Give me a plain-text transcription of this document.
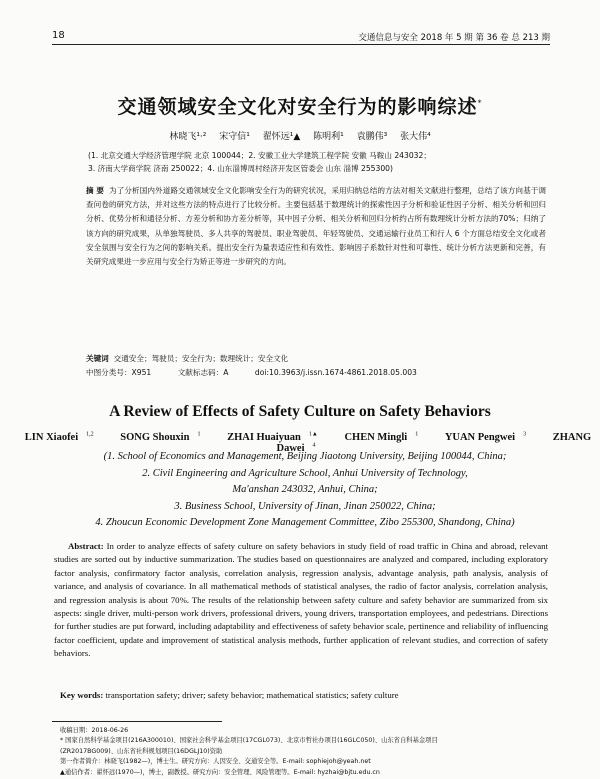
18	交通信息与安全 2018 年 5 期 第 36 卷 总 213 期
交通领域安全文化对安全行为的影响综述*
林晓飞¹·² 宋守信¹ 翟怀远¹▲ 陈明利¹ 袁鹏伟³ 张大伟⁴
(1. 北京交通大学经济管理学院 北京 100044；2. 安徽工业大学建筑工程学院 安徽 马鞍山 243032；
3. 济南大学商学院 济南 250022；4. 山东淄博周村经济开发区管委会 山东 淄博 255300)
摘 要 为了分析国内外道路交通领域安全文化影响安全行为的研究状况，采用归纳总结的方法对相关文献进行整理，总结了该方向基于调查问卷的研究方法，并对这些方法的特点进行了比较分析。主要包括基于数理统计的探索性因子分析和验证性因子分析、相关分析和回归分析、优势分析和通径分析、方差分析和协方差分析等，其中因子分析、相关分析和回归分析约占所有数理统计分析方法的70%；归纳了该方向的研究成果，从单独驾驶员、多人共享的驾驶员、职业驾驶员、年轻驾驶员、交通运输行业员工和行人 6 个方面总结安全文化或者安全氛围与安全行为之间的影响关系。提出安全行为量表适应性和有效性、影响因子系数针对性和可靠性、统计分析方法更新和完善，有关研究成果进一步应用与安全行为矫正等进一步研究的方向。
关键词 交通安全；驾驶员；安全行为；数理统计；安全文化
中图分类号：X951	文献标志码：A	doi:10.3963/j.issn.1674-4861.2018.05.003
A Review of Effects of Safety Culture on Safety Behaviors
LIN Xiaofei $^{1,2}$	SONG Shouxin $^1$	ZHAI Huaiyuan $^{1▲}$	CHEN Mingli $^1$	YUAN Pengwei $^3$	ZHANG Dawei $^4$
(1. School of Economics and Management, Beijing Jiaotong University, Beijing 100044, China;
2. Civil Engineering and Agriculture School, Anhui University of Technology,
Ma'anshan 243032, Anhui, China;
3. Business School, University of Jinan, Jinan 250022, China;
4. Zhoucun Economic Development Zone Management Committee, Zibo 255300, Shandong, China)
Abstract: In order to analyze effects of safety culture on safety behaviors in study field of road traffic in China and abroad, relevant studies are sorted out by inductive summarization. The studies based on questionnaires are analyzed and compared, including exploratory factor analysis, confirmatory factor analysis, correlation analysis, regression analysis, advantage analysis, path analysis, analysis of variance, and analysis of covariance. In all mathematical methods of statistical analyses, the radio of factor analysis, correlation analysis, and regression analysis is about 70%. The results of the relationship between safety culture and safety behavior are summarized from six aspects: single driver, multi-person work drivers, professional drivers, young drivers, transportation employees, and pedestrians. Directions for further studies are put forward, including adaptability and effectiveness of safety behavior scale, pertinence and reliability of influencing factor coefficient, update and improvement of statistical analysis methods, further application of relevant studies, and correction of safety behaviors.
Key words: transportation safety; driver; safety behavior; mathematical statistics; safety culture
收稿日期：2018-06-26
* 国家自然科学基金项目(216A300010)、国家社会科学基金项目(17CGL073)、北京市哲社办项目(16GLC050)、山东省自科基金项目
(ZR2017BG009)、山东省社科规划项目(16DGLJ10)资助
第一作者简介：林晓飞(1982—)，博士生。研究方向：人因安全、交通安全等。E-mail: sophiejoh@yeah.net
▲通信作者：翟怀远(1970—)，博士，副教授。研究方向：安全管理、风险管理等。E-mail: hyzhai@bjtu.edu.cn
